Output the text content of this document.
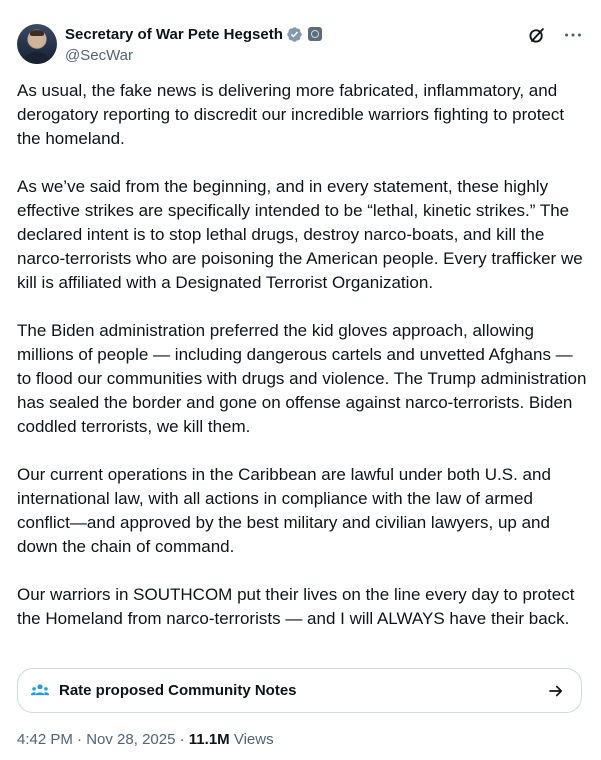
Secretary of War Pete Hegseth
@SecWar

As usual, the fake news is delivering more fabricated, inflammatory, and derogatory reporting to discredit our incredible warriors fighting to protect the homeland.

As we’ve said from the beginning, and in every statement, these highly effective strikes are specifically intended to be “lethal, kinetic strikes.” The declared intent is to stop lethal drugs, destroy narco-boats, and kill the narco-terrorists who are poisoning the American people. Every trafficker we kill is affiliated with a Designated Terrorist Organization.

The Biden administration preferred the kid gloves approach, allowing millions of people — including dangerous cartels and unvetted Afghans — to flood our communities with drugs and violence. The Trump administration has sealed the border and gone on offense against narco-terrorists. Biden coddled terrorists, we kill them.

Our current operations in the Caribbean are lawful under both U.S. and international law, with all actions in compliance with the law of armed conflict—and approved by the best military and civilian lawyers, up and down the chain of command.

Our warriors in SOUTHCOM put their lives on the line every day to protect the Homeland from narco-terrorists — and I will ALWAYS have their back.

Rate proposed Community Notes
4:42 PM · Nov 28, 2025 · 11.1M Views
